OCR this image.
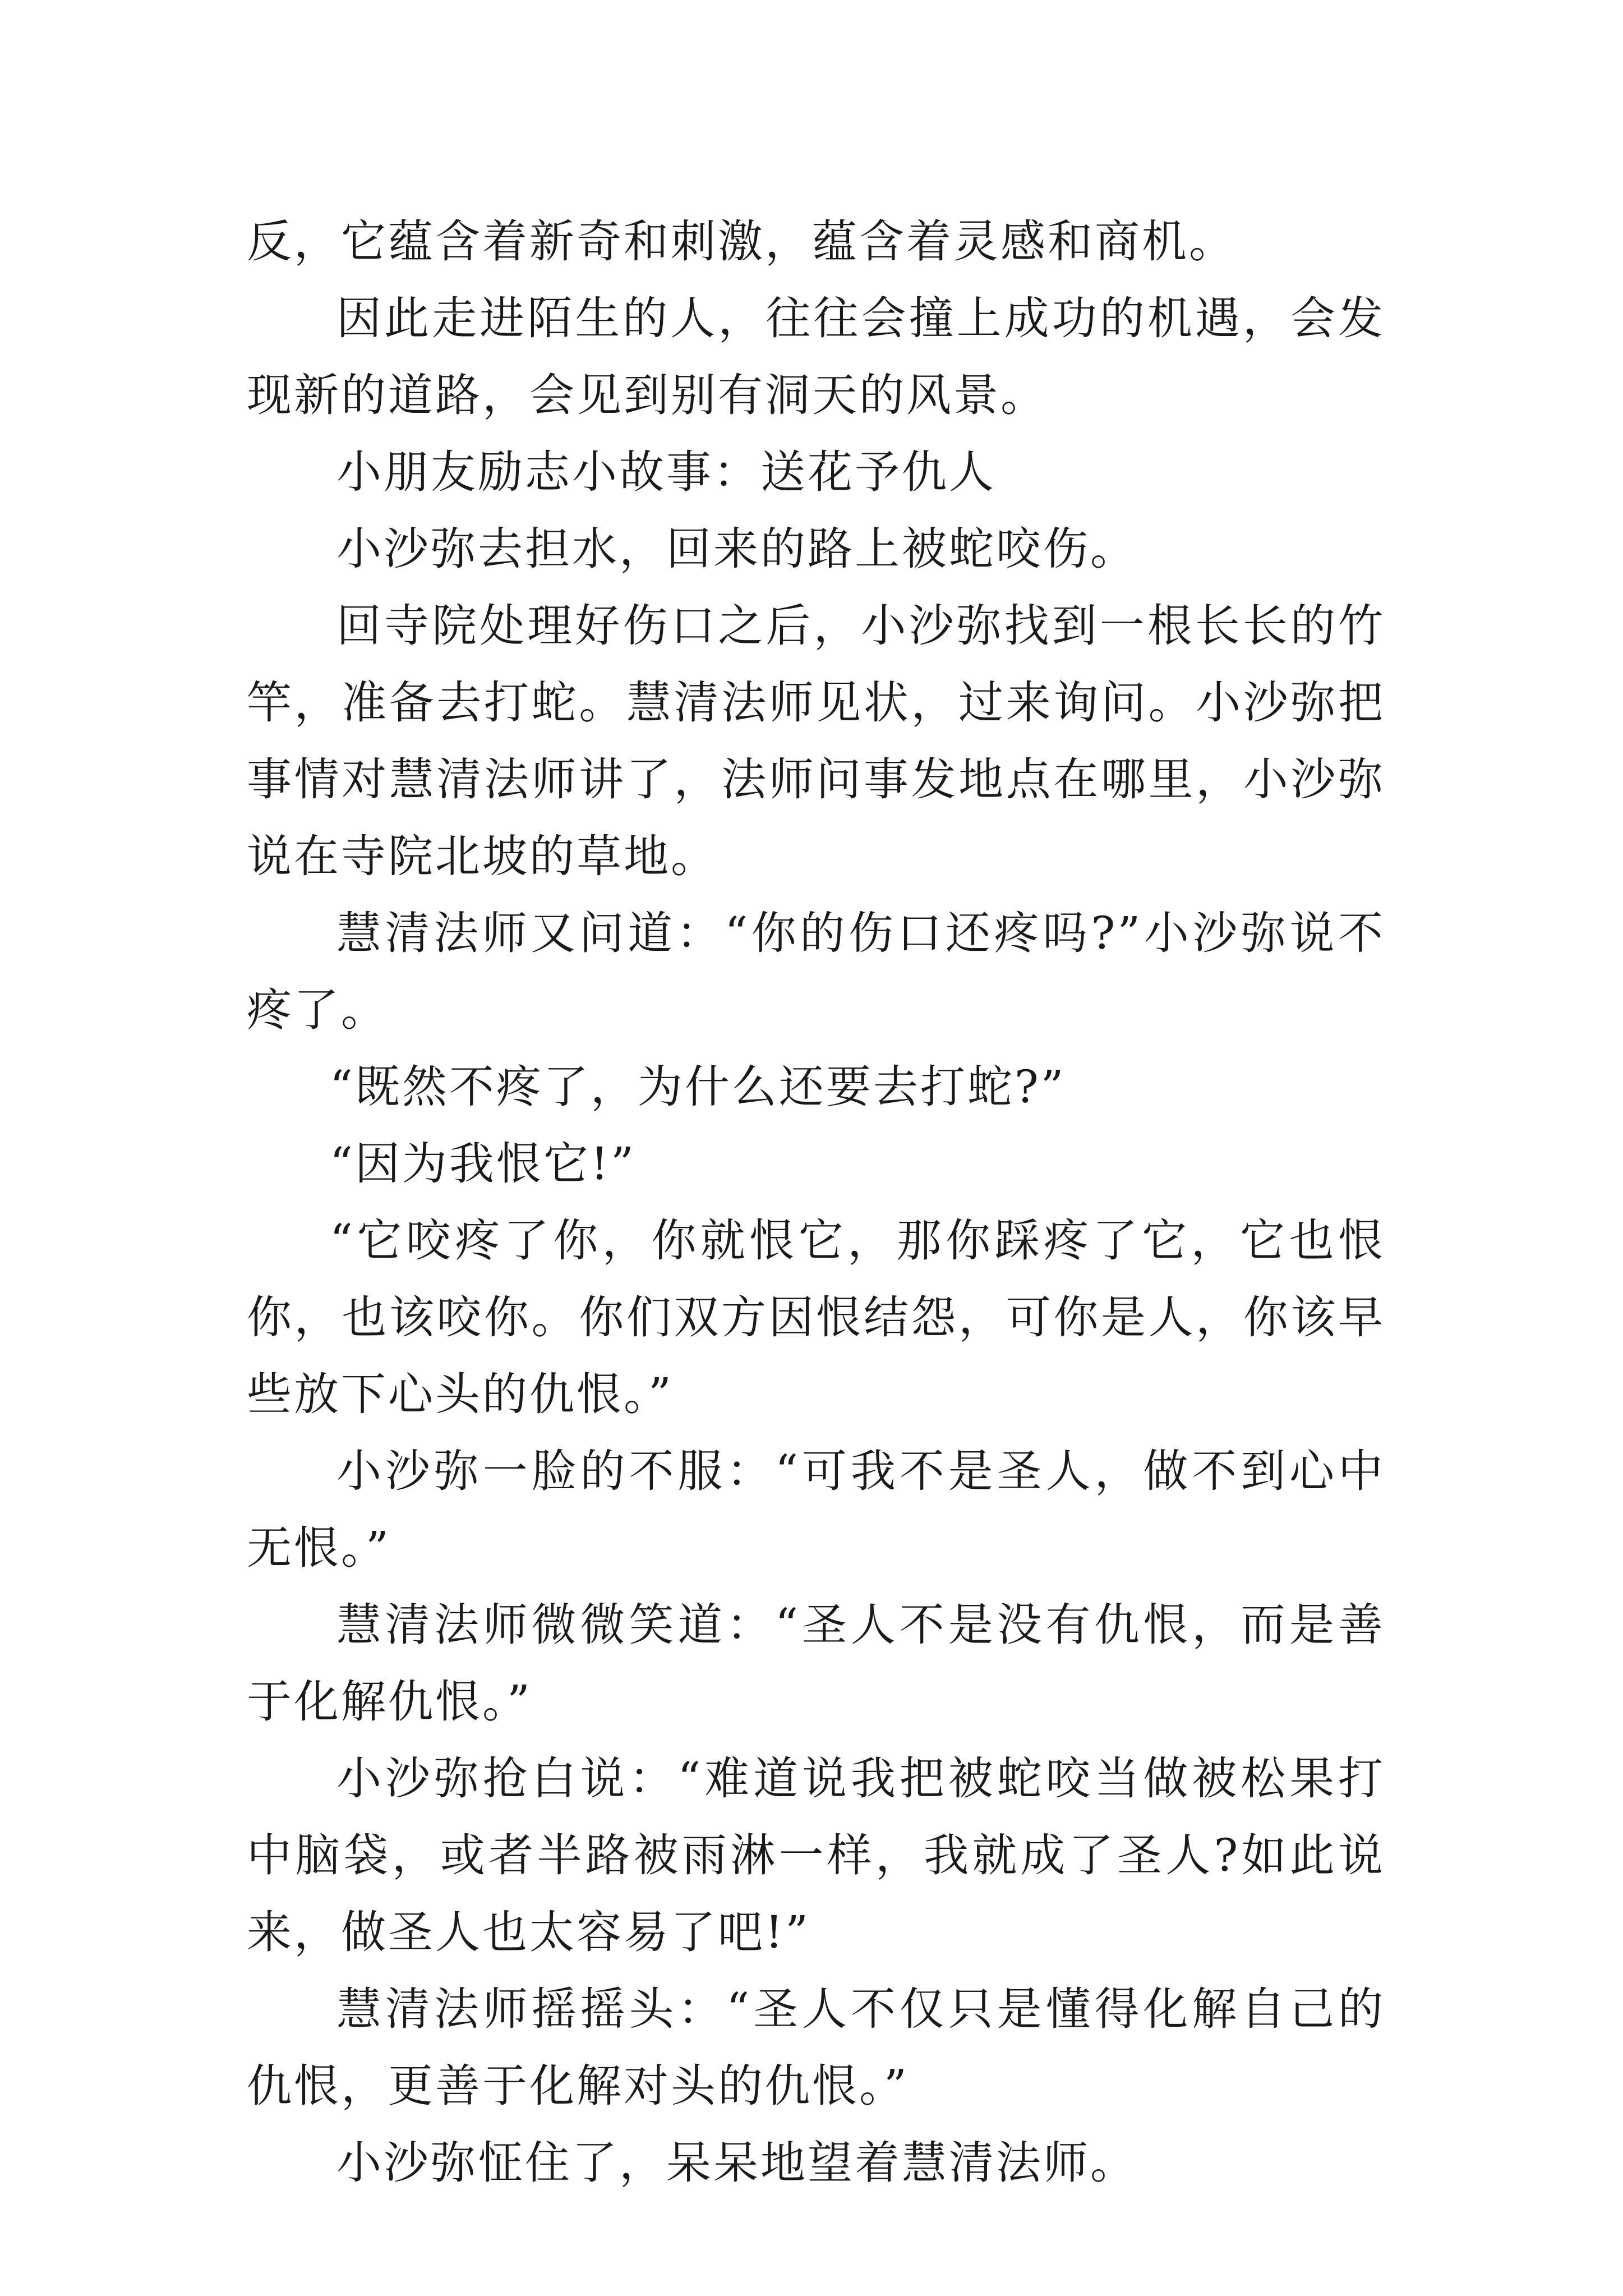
反，它蕴含着新奇和刺激，蕴含着灵感和商机。

因此走进陌生的人，往往会撞上成功的机遇，会发现新的道路，会见到别有洞天的风景。

小朋友励志小故事：送花予仇人

小沙弥去担水，回来的路上被蛇咬伤。

回寺院处理好伤口之后，小沙弥找到一根长长的竹竿，准备去打蛇。慧清法师见状，过来询问。小沙弥把事情对慧清法师讲了，法师问事发地点在哪里，小沙弥说在寺院北坡的草地。

慧清法师又问道：“你的伤口还疼吗?”小沙弥说不疼了。

“既然不疼了，为什么还要去打蛇?”

“因为我恨它!”

“它咬疼了你，你就恨它，那你踩疼了它，它也恨你，也该咬你。你们双方因恨结怨，可你是人，你该早些放下心头的仇恨。”

小沙弥一脸的不服：“可我不是圣人，做不到心中无恨。”

慧清法师微微笑道：“圣人不是没有仇恨，而是善于化解仇恨。”

小沙弥抢白说：“难道说我把被蛇咬当做被松果打中脑袋，或者半路被雨淋一样，我就成了圣人?如此说来，做圣人也太容易了吧!”

慧清法师摇摇头：“圣人不仅只是懂得化解自己的仇恨，更善于化解对头的仇恨。”

小沙弥怔住了，呆呆地望着慧清法师。
